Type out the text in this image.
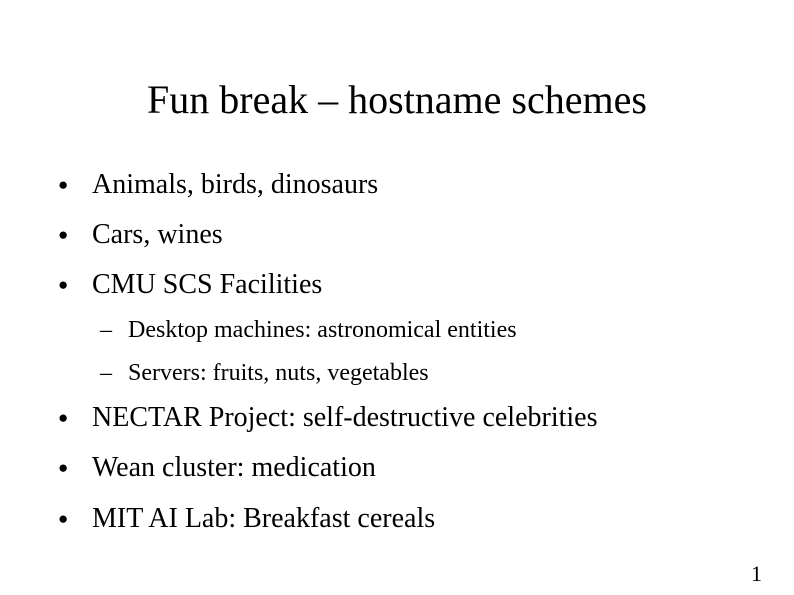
Fun break – hostname schemes
● Animals, birds, dinosaurs
● Cars, wines
● CMU SCS Facilities
– Desktop machines: astronomical entities
– Servers: fruits, nuts, vegetables
● NECTAR Project: self-destructive celebrities
● Wean cluster: medication
● MIT AI Lab: Breakfast cereals
1
